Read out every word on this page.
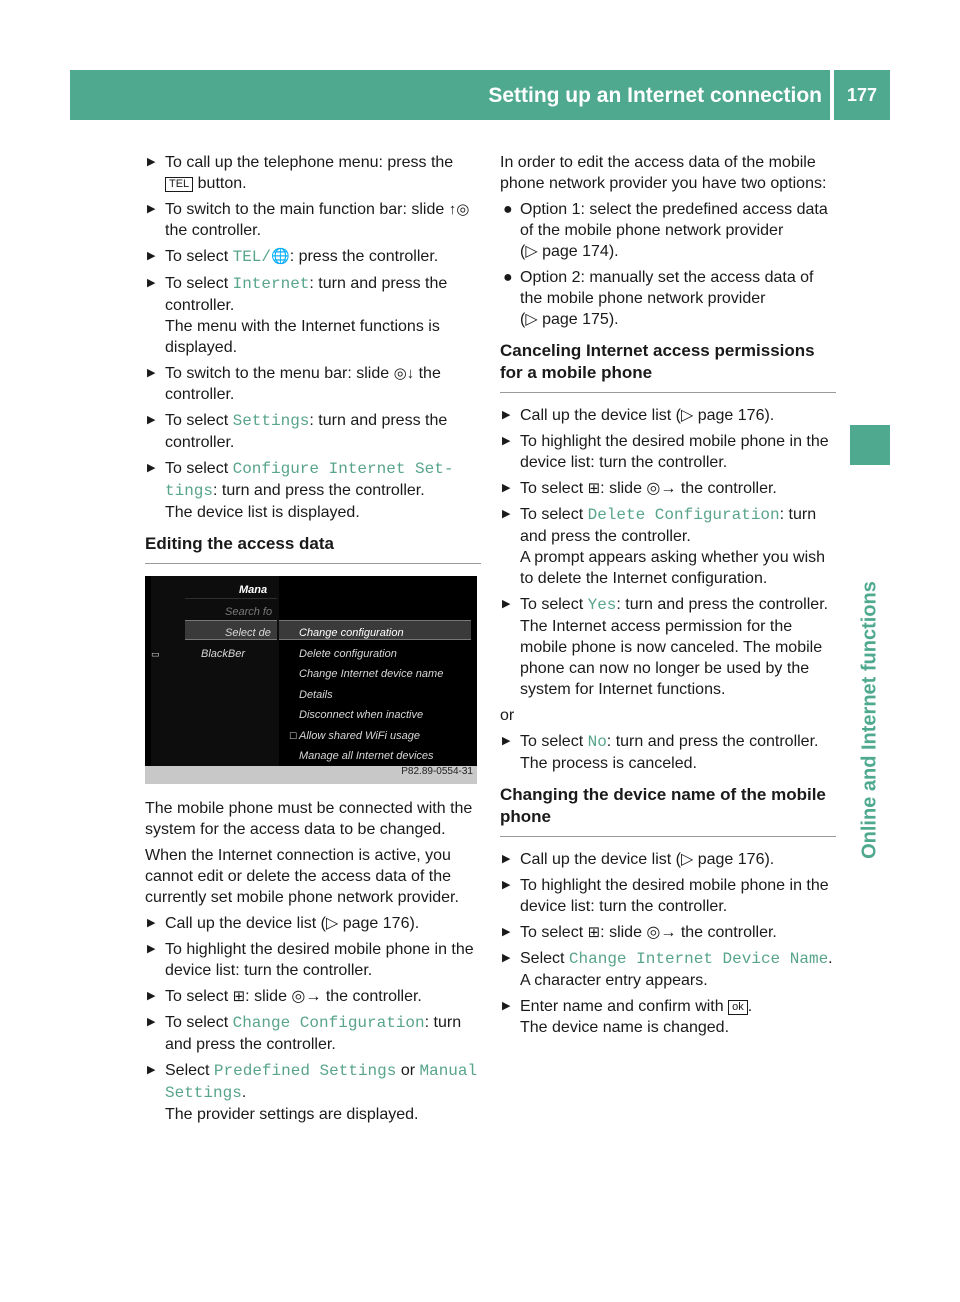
Setting up an Internet connection	177
Online and Internet functions
▶ To call up the telephone menu: press the TEL button.
▶ To switch to the main function bar: slide ↑◎ the controller.
▶ To select TEL/🌐: press the controller.
▶ To select Internet: turn and press the controller.
The menu with the Internet functions is displayed.
▶ To switch to the menu bar: slide ◎↓ the controller.
▶ To select Settings: turn and press the controller.
▶ To select Configure Internet Set‐tings: turn and press the controller.
The device list is displayed.
Editing the access data
Mana
Search fo
Select de
▭	BlackBer
Change configuration
Delete configuration
Change Internet device name
Details
Disconnect when inactive
☐ Allow shared WiFi usage
Manage all Internet devices
P82.89-0554-31
The mobile phone must be connected with the system for the access data to be changed.
When the Internet connection is active, you cannot edit or delete the access data of the currently set mobile phone network provider.
▶ Call up the device list (▷ page 176).
▶ To highlight the desired mobile phone in the device list: turn the controller.
▶ To select ⊞: slide ◎→ the controller.
▶ To select Change Configuration: turn and press the controller.
▶ Select Predefined Settings or Manual Settings.
The provider settings are displayed.
In order to edit the access data of the mobile phone network provider you have two options:
● Option 1: select the predefined access data of the mobile phone network provider
(▷ page 174).
● Option 2: manually set the access data of the mobile phone network provider
(▷ page 175).
Canceling Internet access permissions for a mobile phone
▶ Call up the device list (▷ page 176).
▶ To highlight the desired mobile phone in the device list: turn the controller.
▶ To select ⊞: slide ◎→ the controller.
▶ To select Delete Configuration: turn and press the controller.
A prompt appears asking whether you wish to delete the Internet configuration.
▶ To select Yes: turn and press the controller.
The Internet access permission for the mobile phone is now canceled. The mobile phone can now no longer be used by the system for Internet functions.
or
▶ To select No: turn and press the controller.
The process is canceled.
Changing the device name of the mobile phone
▶ Call up the device list (▷ page 176).
▶ To highlight the desired mobile phone in the device list: turn the controller.
▶ To select ⊞: slide ◎→ the controller.
▶ Select Change Internet Device Name.
A character entry appears.
▶ Enter name and confirm with ok .
The device name is changed.
